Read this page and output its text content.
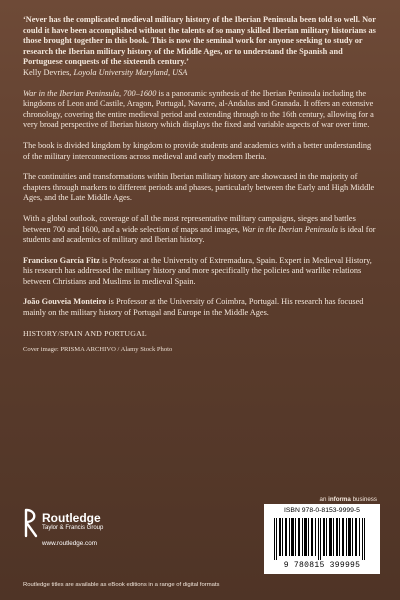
‘Never has the complicated medieval military history of the Iberian Peninsula been told so well. Nor could it have been accomplished without the talents of so many skilled Iberian military historians as those brought together in this book. This is now the seminal work for anyone seeking to study or research the Iberian military history of the Middle Ages, or to understand the Spanish and Portuguese conquests of the sixteenth century.’

Kelly Devries, Loyola University Maryland, USA

War in the Iberian Peninsula, 700–1600 is a panoramic synthesis of the Iberian Peninsula including the kingdoms of Leon and Castile, Aragon, Portugal, Navarre, al-Andalus and Granada. It offers an extensive chronology, covering the entire medieval period and extending through to the 16th century, allowing for a very broad perspective of Iberian history which displays the fixed and variable aspects of war over time.

The book is divided kingdom by kingdom to provide students and academics with a better understanding of the military interconnections across medieval and early modern Iberia.

The continuities and transformations within Iberian military history are showcased in the majority of chapters through markers to different periods and phases, particularly between the Early and High Middle Ages, and the Late Middle Ages.

With a global outlook, coverage of all the most representative military campaigns, sieges and battles between 700 and 1600, and a wide selection of maps and images, War in the Iberian Peninsula is ideal for students and academics of military and Iberian history.

Francisco García Fitz is Professor at the University of Extremadura, Spain. Expert in Medieval History, his research has addressed the military history and more specifically the policies and warlike relations between Christians and Muslims in medieval Spain.

João Gouveia Monteiro is Professor at the University of Coimbra, Portugal. His research has focused mainly on the military history of Portugal and Europe in the Middle Ages.

HISTORY/SPAIN AND PORTUGAL

Cover image: PRISMA ARCHIVO / Alamy Stock Photo

an informa business
Routledge
Taylor & Francis Group
www.routledge.com
ISBN 978-0-8153-9999-5
9 780815 399995
Routledge titles are available as eBook editions in a range of digital formats
